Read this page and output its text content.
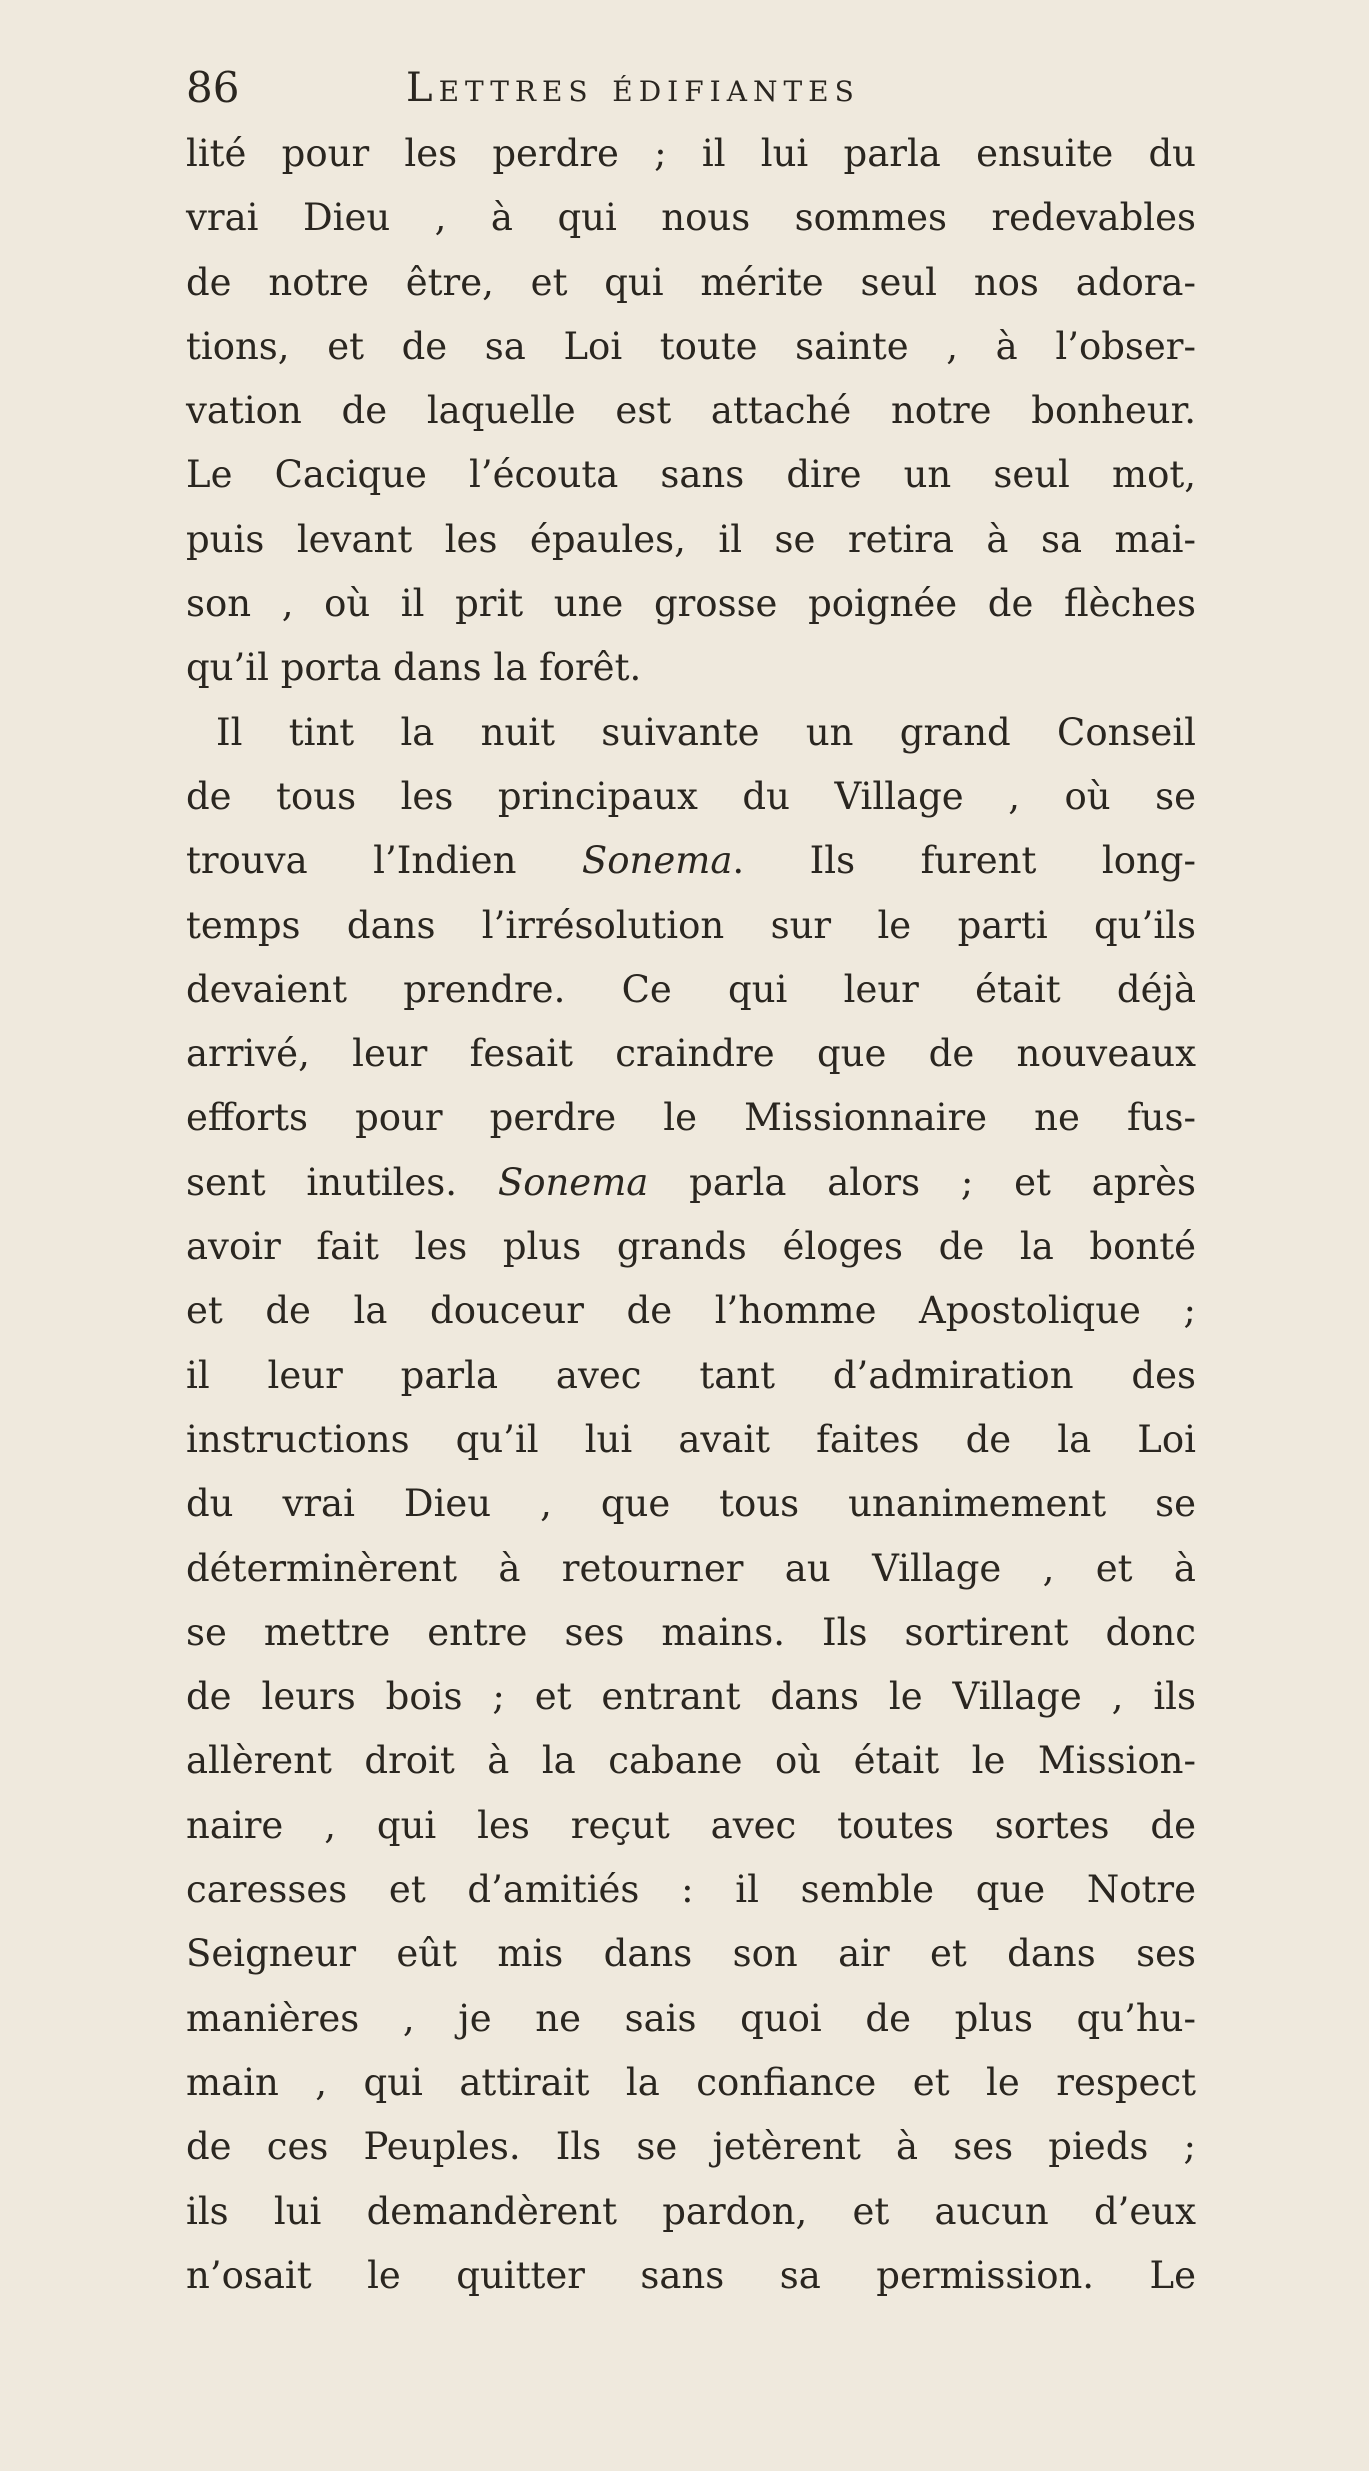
86	Lettres édifiantes
lité pour les perdre ; il lui parla ensuite du
vrai Dieu , à qui nous sommes redevables
de notre être, et qui mérite seul nos adora-
tions, et de sa Loi toute sainte , à l’obser-
vation de laquelle est attaché notre bonheur.
Le Cacique l’écouta sans dire un seul mot,
puis levant les épaules, il se retira à sa mai-
son , où il prit une grosse poignée de flèches
qu’il porta dans la forêt.
Il tint la nuit suivante un grand Conseil
de tous les principaux du Village , où se
trouva l’Indien Sonema. Ils furent long-
temps dans l’irrésolution sur le parti qu’ils
devaient prendre. Ce qui leur était déjà
arrivé, leur fesait craindre que de nouveaux
efforts pour perdre le Missionnaire ne fus-
sent inutiles. Sonema parla alors ; et après
avoir fait les plus grands éloges de la bonté
et de la douceur de l’homme Apostolique ;
il leur parla avec tant d’admiration des
instructions qu’il lui avait faites de la Loi
du vrai Dieu , que tous unanimement se
déterminèrent à retourner au Village , et à
se mettre entre ses mains. Ils sortirent donc
de leurs bois ; et entrant dans le Village , ils
allèrent droit à la cabane où était le Mission-
naire , qui les reçut avec toutes sortes de
caresses et d’amitiés : il semble que Notre
Seigneur eût mis dans son air et dans ses
manières , je ne sais quoi de plus qu’hu-
main , qui attirait la confiance et le respect
de ces Peuples. Ils se jetèrent à ses pieds ;
ils lui demandèrent pardon, et aucun d’eux
n’osait le quitter sans sa permission. Le
